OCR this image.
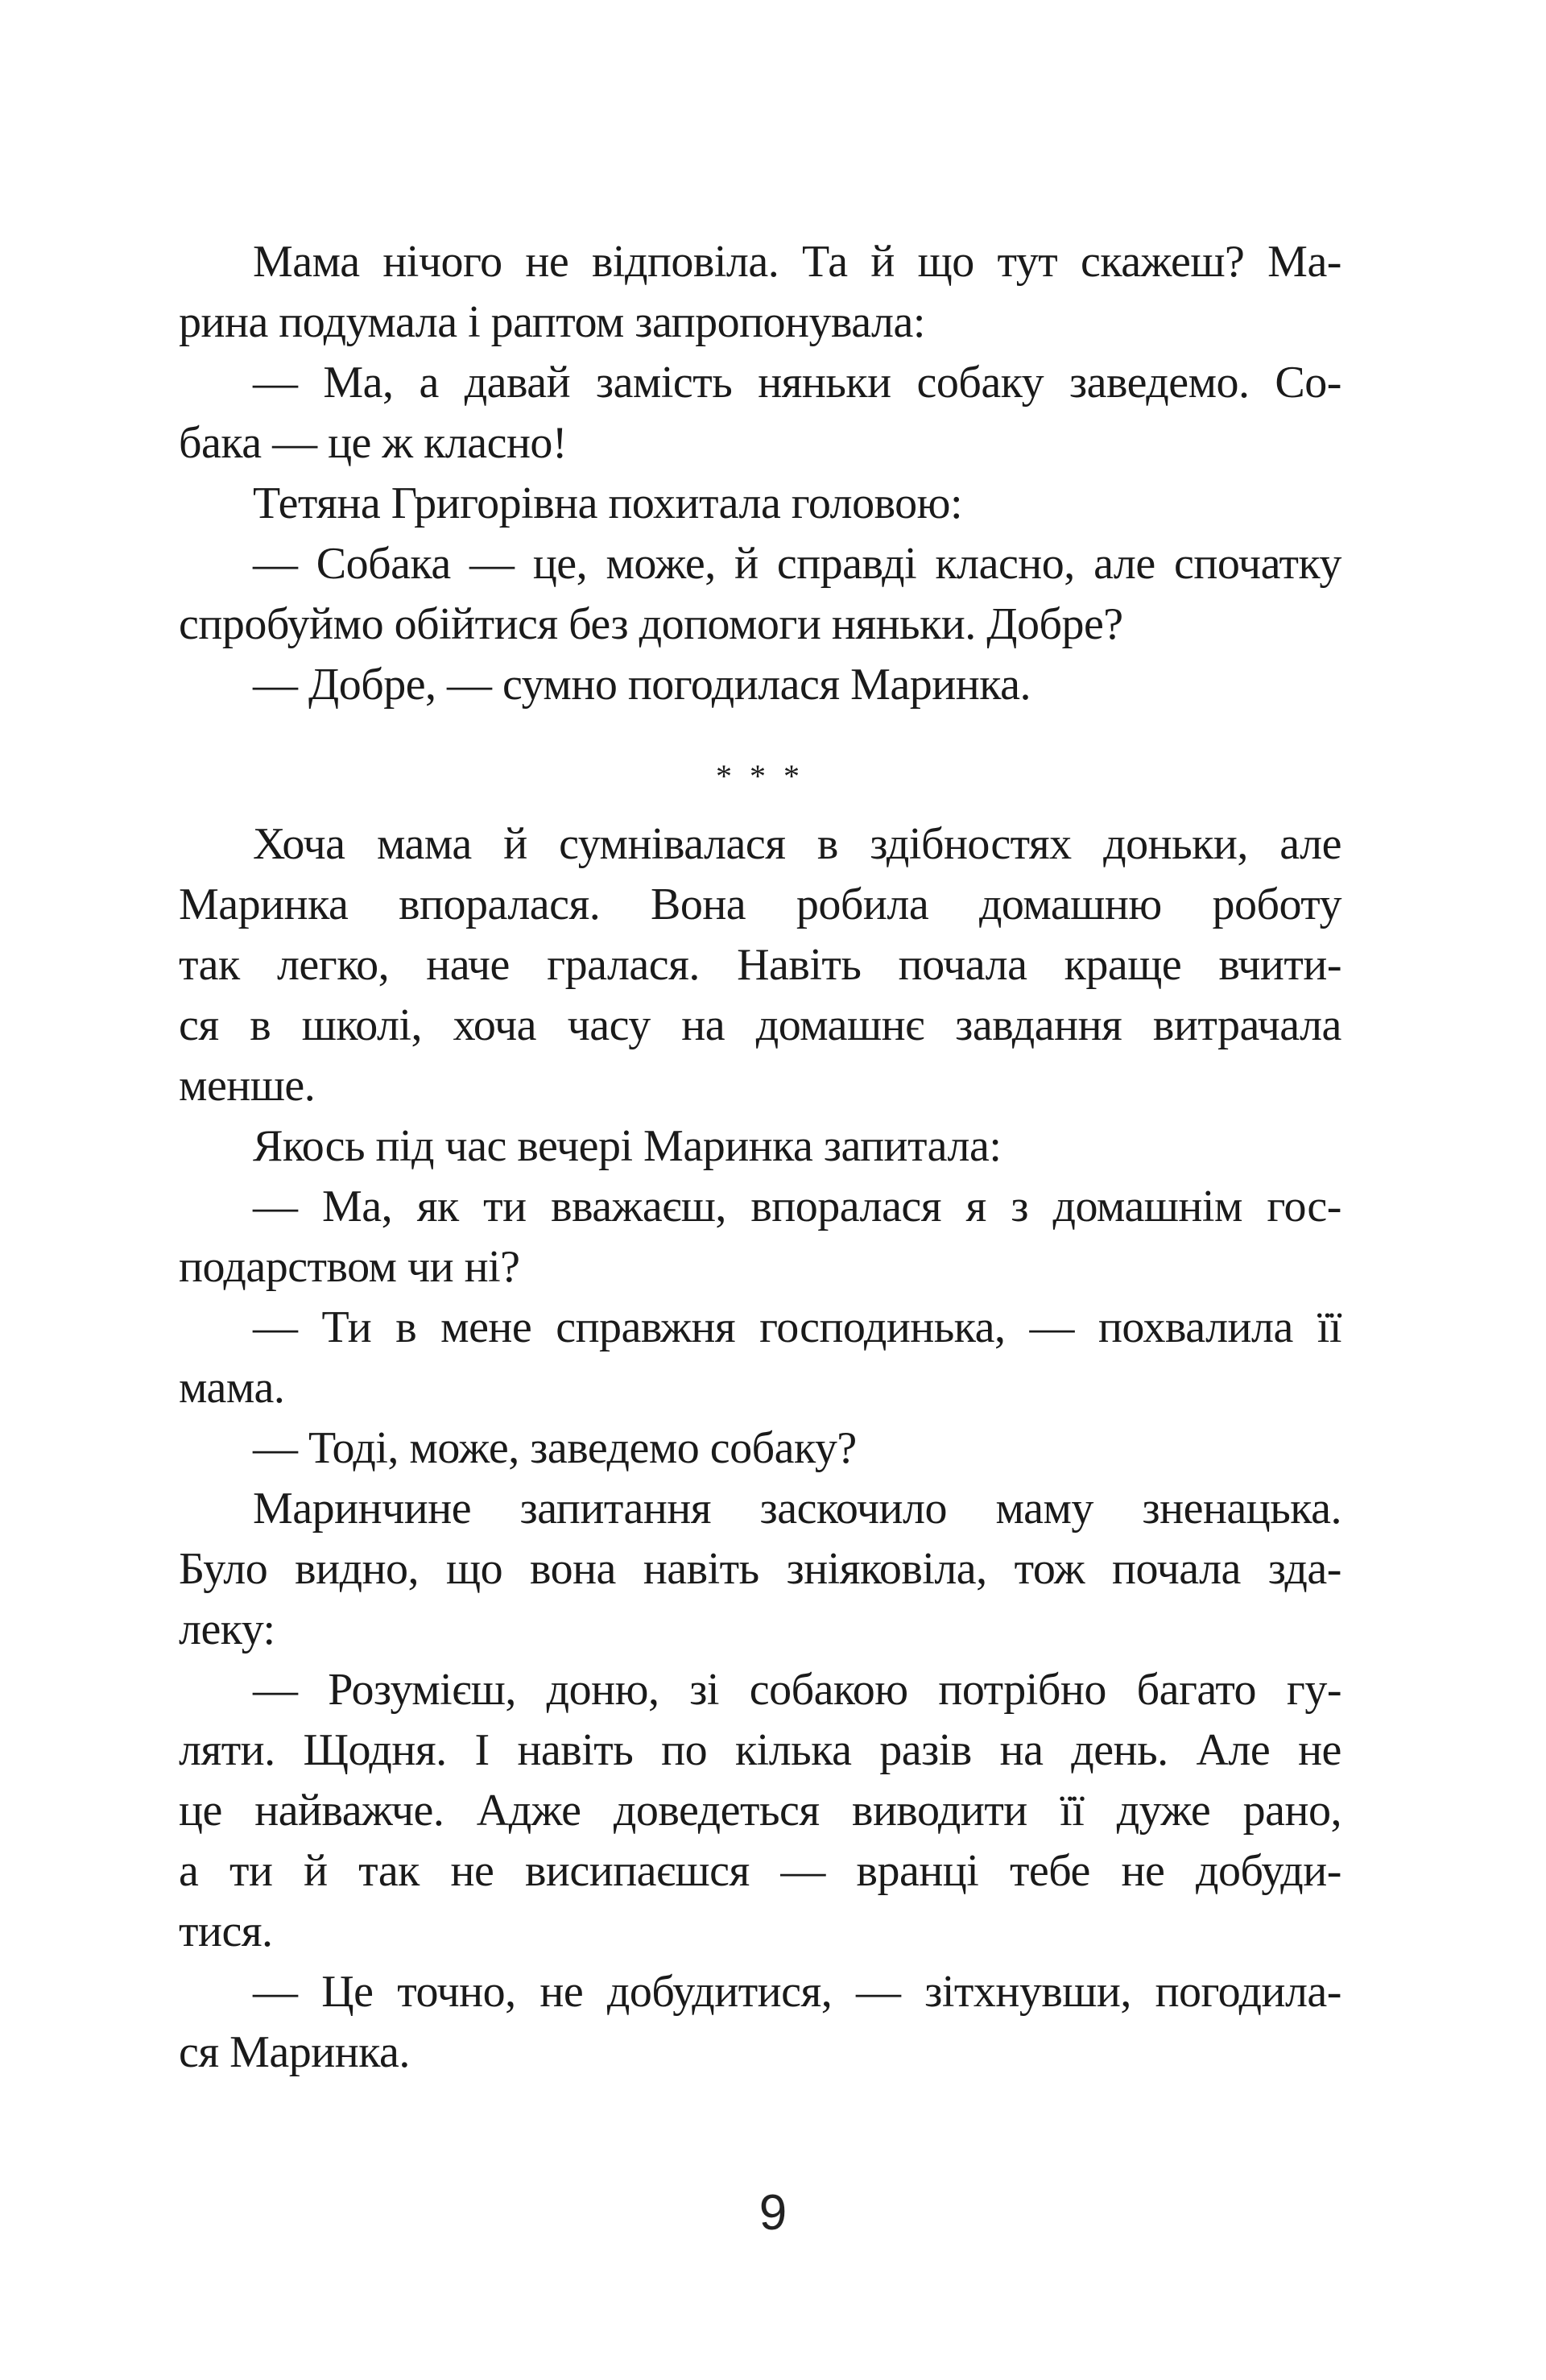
Мама нічого не відповіла. Та й що тут скажеш? Ма-
рина подумала і раптом запропонувала:
— Ма, а давай замість няньки собаку заведемо. Со-
бака — це ж класно!
Тетяна Григорівна похитала головою:
— Собака — це, може, й справді класно, але спочатку
спробуймо обійтися без допомоги няньки. Добре?
— Добре, — сумно погодилася Маринка.
* * *
Хоча мама й сумнівалася в здібностях доньки, але
Маринка впоралася. Вона робила домашню роботу
так легко, наче гралася. Навіть почала краще вчити-
ся в школі, хоча часу на домашнє завдання витрачала
менше.
Якось під час вечері Маринка запитала:
— Ма, як ти вважаєш, впоралася я з домашнім гос-
подарством чи ні?
— Ти в мене справжня господинька, — похвалила її
мама.
— Тоді, може, заведемо собаку?
Маринчине запитання заскочило маму зненацька.
Було видно, що вона навіть зніяковіла, тож почала зда-
леку:
— Розумієш, доню, зі собакою потрібно багато гу-
ляти. Щодня. І навіть по кілька разів на день. Але не
це найважче. Адже доведеться виводити її дуже рано,
а ти й так не висипаєшся — вранці тебе не добуди-
тися.
— Це точно, не добудитися, — зітхнувши, погодила-
ся Маринка.
9
